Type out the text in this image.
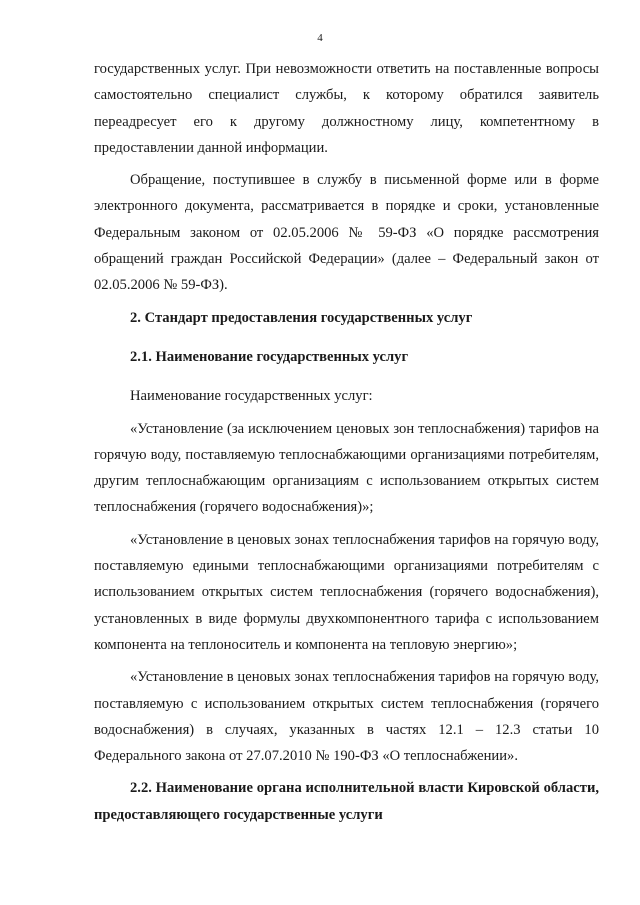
4

государственных услуг. При невозможности ответить на поставленные вопросы самостоятельно специалист службы, к которому обратился заявитель переадресует его к другому должностному лицу, компетентному в предоставлении данной информации.

Обращение, поступившее в службу в письменной форме или в форме электронного документа, рассматривается в порядке и сроки, установленные Федеральным законом от 02.05.2006 № 59-ФЗ «О порядке рассмотрения обращений граждан Российской Федерации» (далее – Федеральный закон от 02.05.2006 № 59-ФЗ).

2. Стандарт предоставления государственных услуг
2.1. Наименование государственных услуг

Наименование государственных услуг:

«Установление (за исключением ценовых зон теплоснабжения) тарифов на горячую воду, поставляемую теплоснабжающими организациями потребителям, другим теплоснабжающим организациям с использованием открытых систем теплоснабжения (горячего водоснабжения)»;

«Установление в ценовых зонах теплоснабжения тарифов на горячую воду, поставляемую едиными теплоснабжающими организациями потребителям с использованием открытых систем теплоснабжения (горячего водоснабжения), установленных в виде формулы двухкомпонентного тарифа с использованием компонента на теплоноситель и компонента на тепловую энергию»;

«Установление в ценовых зонах теплоснабжения тарифов на горячую воду, поставляемую с использованием открытых систем теплоснабжения (горячего водоснабжения) в случаях, указанных в частях 12.1 – 12.3 статьи 10 Федерального закона от 27.07.2010 № 190-ФЗ «О теплоснабжении».

2.2. Наименование органа исполнительной власти Кировской области, предоставляющего государственные услуги
